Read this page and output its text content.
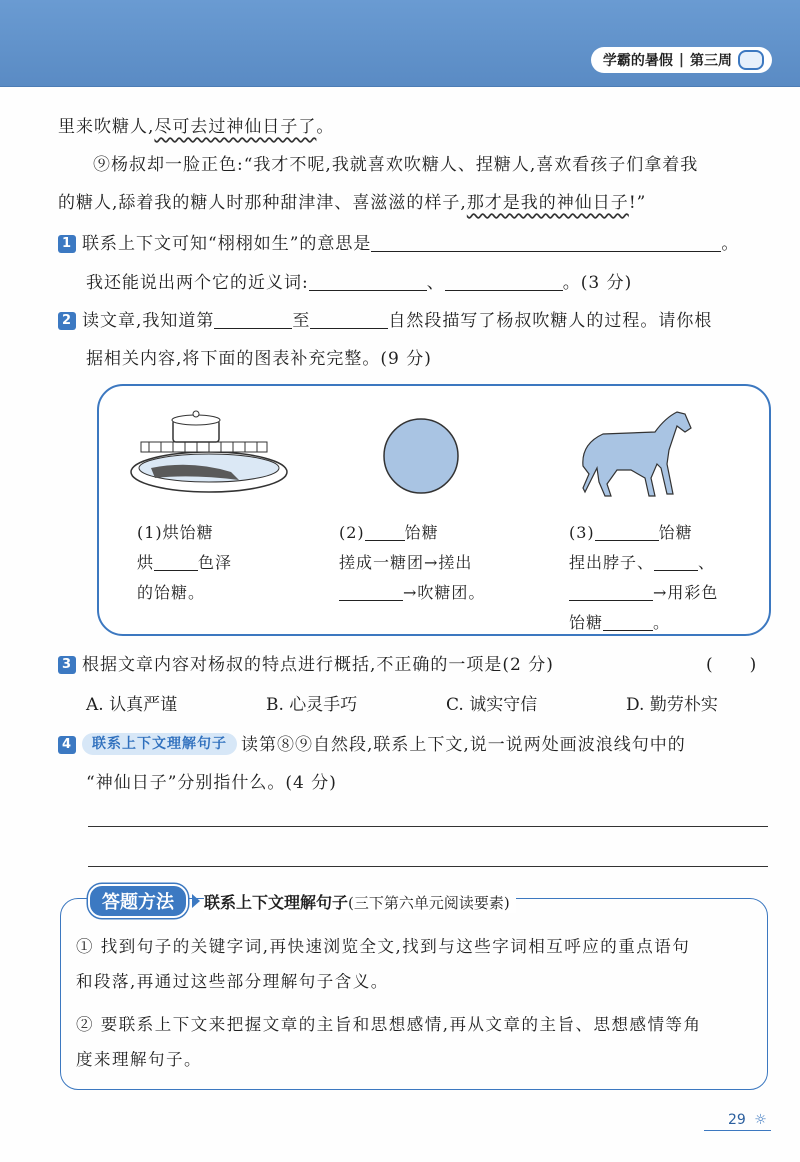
学霸的暑假 | 第三周
里来吹糖人,尽可去过神仙日子了。
⑨杨叔却一脸正色:“我才不呢,我就喜欢吹糖人、捏糖人,喜欢看孩子们拿着我
的糖人,舔着我的糖人时那种甜津津、喜滋滋的样子,那才是我的神仙日子!”
1 联系上下文可知“栩栩如生”的意思是	。
我还能说出两个它的近义词:	、	。(3 分)
2 读文章,我知道第	至	自然段描写了杨叔吹糖人的过程。请你根
据相关内容,将下面的图表补充完整。(9 分)
(1)烘饴糖
烘	色泽
的饴糖。
(2)	饴糖
搓成一糖团→搓出
→吹糖团。
(3)	饴糖
捏出脖子、	、
→用彩色
饴糖	。
3 根据文章内容对杨叔的特点进行概括,不正确的一项是(2 分)	(　　)
A. 认真严谨	B. 心灵手巧	C. 诚实守信	D. 勤劳朴实
4 联系上下文理解句子 读第⑧⑨自然段,联系上下文,说一说两处画波浪线句中的
“神仙日子”分别指什么。(4 分)
答题方法	联系上下文理解句子(三下第六单元阅读要素)
① 找到句子的关键字词,再快速浏览全文,找到与这些字词相互呼应的重点语句
和段落,再通过这些部分理解句子含义。
② 要联系上下文来把握文章的主旨和思想感情,再从文章的主旨、思想感情等角
度来理解句子。
29 ☼
